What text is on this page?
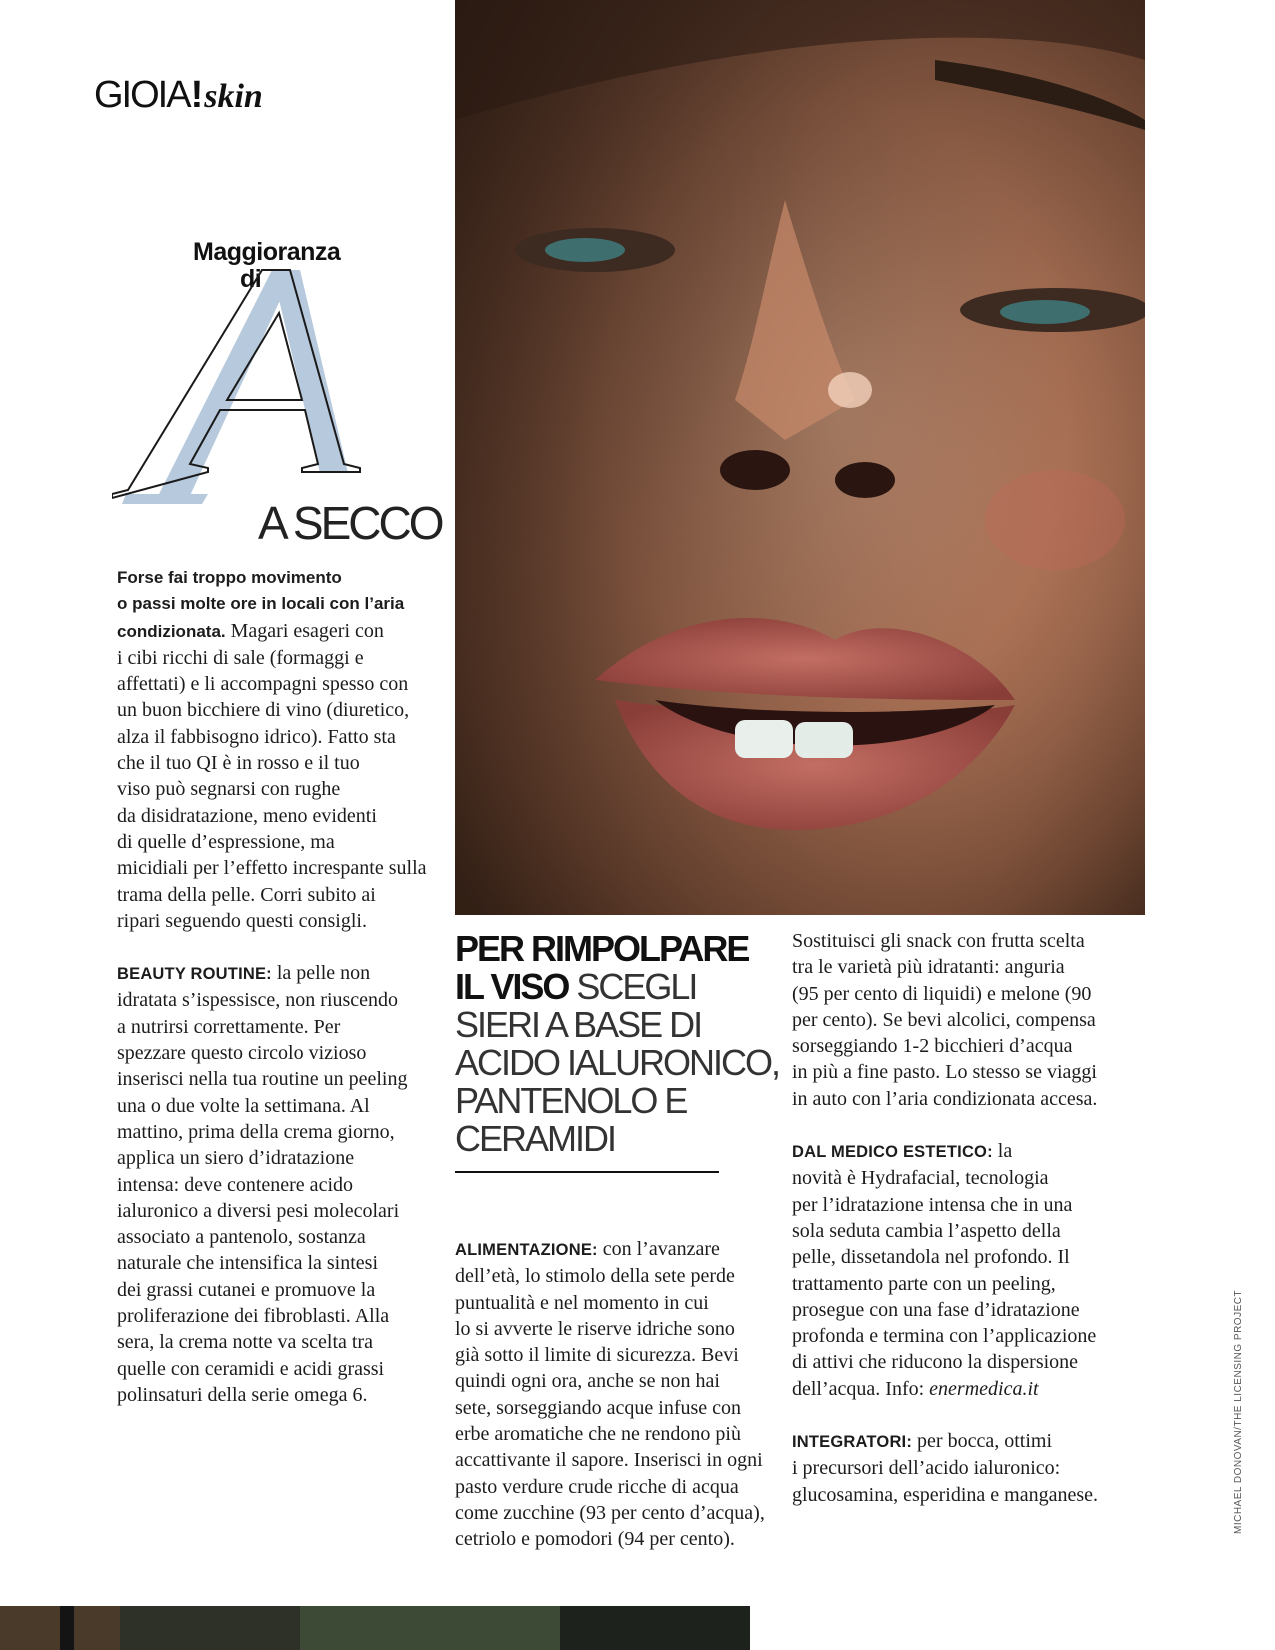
GIOIA ! skin
Maggioranza
di
A SECCO
Forse fai troppo movimento
o passi molte ore in locali con l’aria
condizionata. Magari esageri con
i cibi ricchi di sale (formaggi e
affettati) e li accompagni spesso con
un buon bicchiere di vino (diuretico,
alza il fabbisogno idrico). Fatto sta
che il tuo QI è in rosso e il tuo
viso può segnarsi con rughe
da disidratazione, meno evidenti
di quelle d’espressione, ma
micidiali per l’effetto increspante sulla
trama della pelle. Corri subito ai
ripari seguendo questi consigli.
BEAUTY ROUTINE: la pelle non
idratata s’ispessisce, non riuscendo
a nutrirsi correttamente. Per
spezzare questo circolo vizioso
inserisci nella tua routine un peeling
una o due volte la settimana. Al
mattino, prima della crema giorno,
applica un siero d’idratazione
intensa: deve contenere acido
ialuronico a diversi pesi molecolari
associato a pantenolo, sostanza
naturale che intensifica la sintesi
dei grassi cutanei e promuove la
proliferazione dei fibroblasti. Alla
sera, la crema notte va scelta tra
quelle con ceramidi e acidi grassi
polinsaturi della serie omega 6.
PER RIMPOLPARE
IL VISO SCEGLI
SIERI A BASE DI
ACIDO IALURONICO,
PANTENOLO E
CERAMIDI
ALIMENTAZIONE: con l’avanzare
dell’età, lo stimolo della sete perde
puntualità e nel momento in cui
lo si avverte le riserve idriche sono
già sotto il limite di sicurezza. Bevi
quindi ogni ora, anche se non hai
sete, sorseggiando acque infuse con
erbe aromatiche che ne rendono più
accattivante il sapore. Inserisci in ogni
pasto verdure crude ricche di acqua
come zucchine (93 per cento d’acqua),
cetriolo e pomodori (94 per cento).
Sostituisci gli snack con frutta scelta
tra le varietà più idratanti: anguria
(95 per cento di liquidi) e melone (90
per cento). Se bevi alcolici, compensa
sorseggiando 1-2 bicchieri d’acqua
in più a fine pasto. Lo stesso se viaggi
in auto con l’aria condizionata accesa.
DAL MEDICO ESTETICO: la
novità è Hydrafacial, tecnologia
per l’idratazione intensa che in una
sola seduta cambia l’aspetto della
pelle, dissetandola nel profondo. Il
trattamento parte con un peeling,
prosegue con una fase d’idratazione
profonda e termina con l’applicazione
di attivi che riducono la dispersione
dell’acqua. Info: enermedica.it
INTEGRATORI: per bocca, ottimi
i precursori dell’acido ialuronico:
glucosamina, esperidina e manganese.	MICHAEL DONOVAN/THE LICENSING PROJECT
